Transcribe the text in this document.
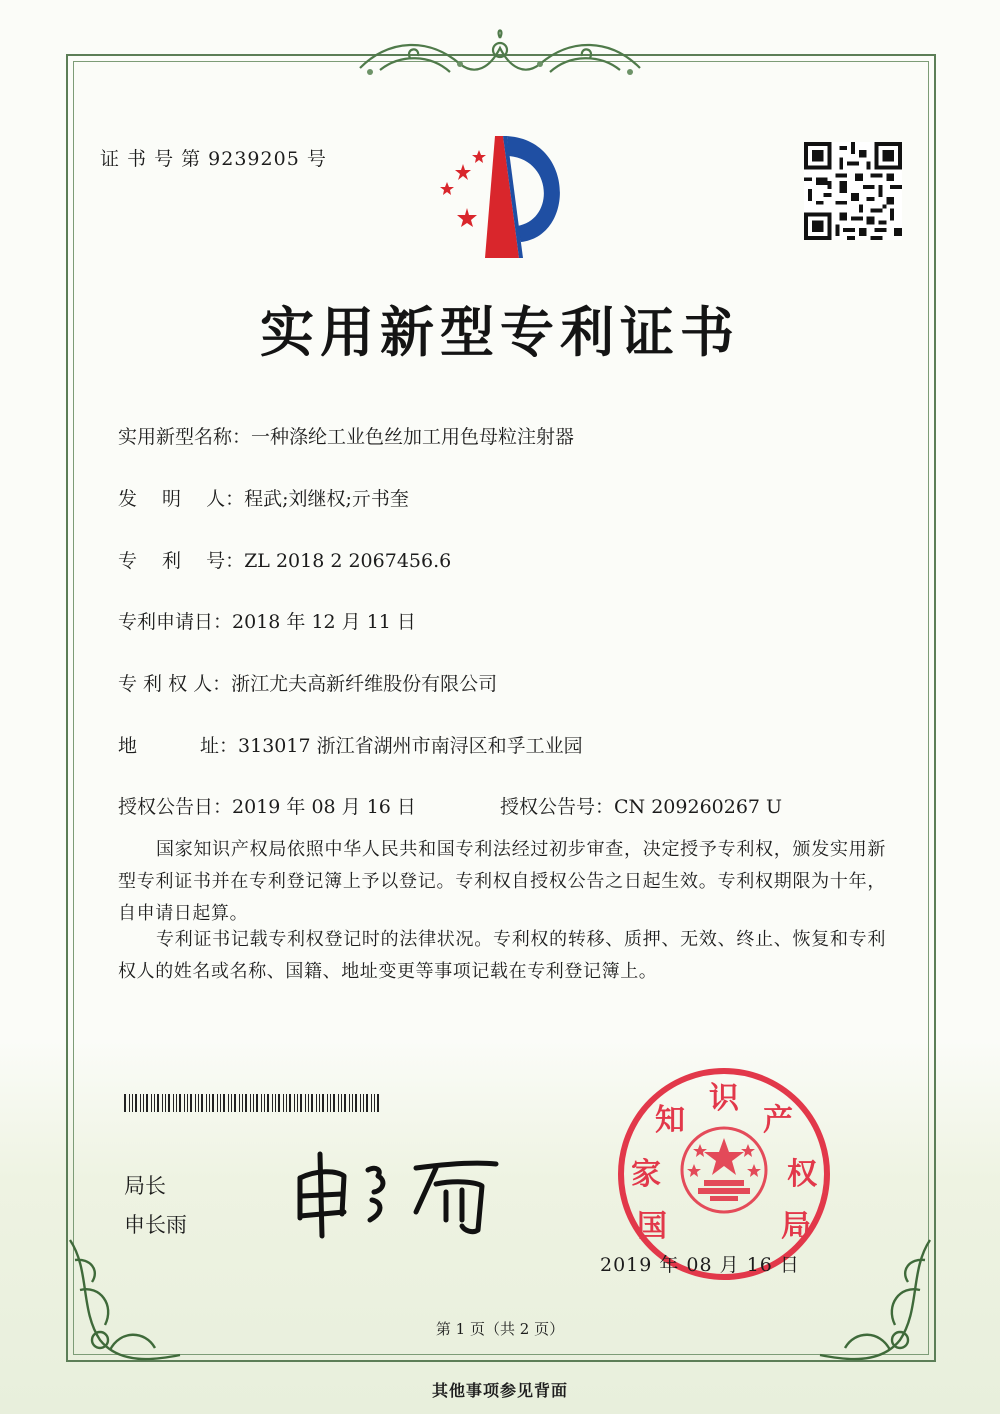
证 书 号 第 9239205 号
实用新型专利证书
实用新型名称：一种涤纶工业色丝加工用色母粒注射器
发　 明　 人：程武;刘继权;亓书奎
专　 利　 号：ZL 2018 2 2067456.6
专利申请日：2018 年 12 月 11 日
专 利 权 人：浙江尤夫高新纤维股份有限公司
地　　　 址：313017 浙江省湖州市南浔区和孚工业园
授权公告日：2019 年 08 月 16 日	授权公告号：CN 209260267 U
国家知识产权局依照中华人民共和国专利法经过初步审查，决定授予专利权，颁发实用新型专利证书并在专利登记簿上予以登记。专利权自授权公告之日起生效。专利权期限为十年，自申请日起算。
专利证书记载专利权登记时的法律状况。专利权的转移、质押、无效、终止、恢复和专利权人的姓名或名称、国籍、地址变更等事项记载在专利登记簿上。
局长
申长雨	国
家
知
识
产
权
局
2019 年 08 月 16 日
第 1 页（共 2 页）
其他事项参见背面
